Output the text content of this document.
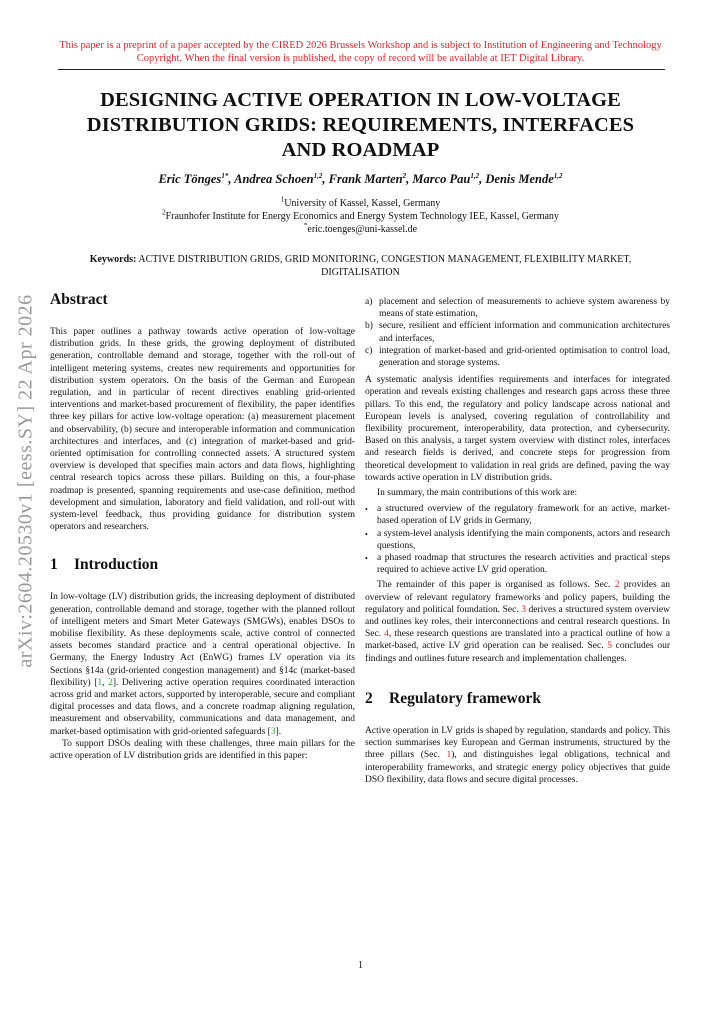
This paper is a preprint of a paper accepted by the CIRED 2026 Brussels Workshop and is subject to Institution of Engineering and Technology Copyright. When the final version is published, the copy of record will be available at IET Digital Library.
DESIGNING ACTIVE OPERATION IN LOW-VOLTAGE
DISTRIBUTION GRIDS: REQUIREMENTS, INTERFACES
AND ROADMAP
Eric Tönges$^{1*}$, Andrea Schoen$^{1,2}$, Frank Marten$^2$, Marco Pau$^{1,2}$, Denis Mende$^{1,2}$
$^1$University of Kassel, Kassel, Germany
$^2$Fraunhofer Institute for Energy Economics and Energy System Technology IEE, Kassel, Germany
*eric.toenges@uni-kassel.de
Keywords: ACTIVE DISTRIBUTION GRIDS, GRID MONITORING, CONGESTION MANAGEMENT, FLEXIBILITY MARKET, DIGITALISATION
arXiv:2604.20530v1 [eess.SY] 22 Apr 2026 Abstract

This paper outlines a pathway towards active operation of low-voltage distribution grids. In these grids, the growing deployment of distributed generation, controllable demand and storage, together with the roll-out of intelligent metering systems, creates new requirements and opportunities for distribution system operators. On the basis of the German and European regulation, and in particular of recent directives enabling grid-oriented interventions and market-based procurement of flexibility, the paper identifies three key pillars for active low-voltage operation: (a) measurement placement and observability, (b) secure and interoperable information and communication architectures and interfaces, and (c) integration of market-based and grid-oriented optimisation for controlling connected assets. A structured system overview is developed that specifies main actors and data flows, highlighting central research topics across these pillars. Building on this, a four-phase roadmap is presented, spanning requirements and use-case definition, method development and simulation, laboratory and field validation, and roll-out with system-level feedback, thus providing guidance for distribution system operators and researchers.

1 Introduction

In low-voltage (LV) distribution grids, the increasing deployment of distributed generation, controllable demand and storage, together with the planned rollout of intelligent meters and Smart Meter Gateways (SMGWs), enables DSOs to mobilise flexibility. As these deployments scale, active control of connected assets becomes standard practice and a central operational objective. In Germany, the Energy Industry Act (EnWG) frames LV operation via its Sections §14a (grid-oriented congestion management) and §14c (market-based flexibility) [1, 2]. Delivering active operation requires coordinated interaction across grid and market actors, supported by interoperable, secure and compliant digital processes and data flows, and a concrete roadmap aligning regulation, measurement and observability, communications and data management, and market-based optimisation with grid-oriented safeguards [3].

To support DSOs dealing with these challenges, three main pillars for the active operation of LV distribution grids are identified in this paper:

a) placement and selection of measurements to achieve system awareness by means of state estimation,
b) secure, resilient and efficient information and communication architectures and interfaces,
c) integration of market-based and grid-oriented optimisation to control load, generation and storage systems.

A systematic analysis identifies requirements and interfaces for integrated operation and reveals existing challenges and research gaps across these three pillars. To this end, the regulatory and policy landscape across national and European levels is analysed, covering regulation of controllability and flexibility procurement, interoperability, data protection, and cybersecurity. Based on this analysis, a target system overview with distinct roles, interfaces and research fields is derived, and concrete steps for progression from theoretical development to validation in real grids are defined, paving the way towards active operation in LV distribution grids.

In summary, the main contributions of this work are:

• a structured overview of the regulatory framework for an active, market-based operation of LV grids in Germany,
• a system-level analysis identifying the main components, actors and research questions,
• a phased roadmap that structures the research activities and practical steps required to achieve active LV grid operation.

The remainder of this paper is organised as follows. Sec. 2 provides an overview of relevant regulatory frameworks and policy papers, building the regulatory and political foundation. Sec. 3 derives a structured system overview and outlines key roles, their interconnections and central research questions. In Sec. 4, these research questions are translated into a practical outline of how a market-based, active LV grid operation can be realised. Sec. 5 concludes our findings and outlines future research and implementation challenges.

2 Regulatory framework

Active operation in LV grids is shaped by regulation, standards and policy. This section summarises key European and German instruments, structured by the three pillars (Sec. 1), and distinguishes legal obligations, technical and interoperability frameworks, and strategic energy policy objectives that guide DSO flexibility, data flows and secure digital processes.

1
